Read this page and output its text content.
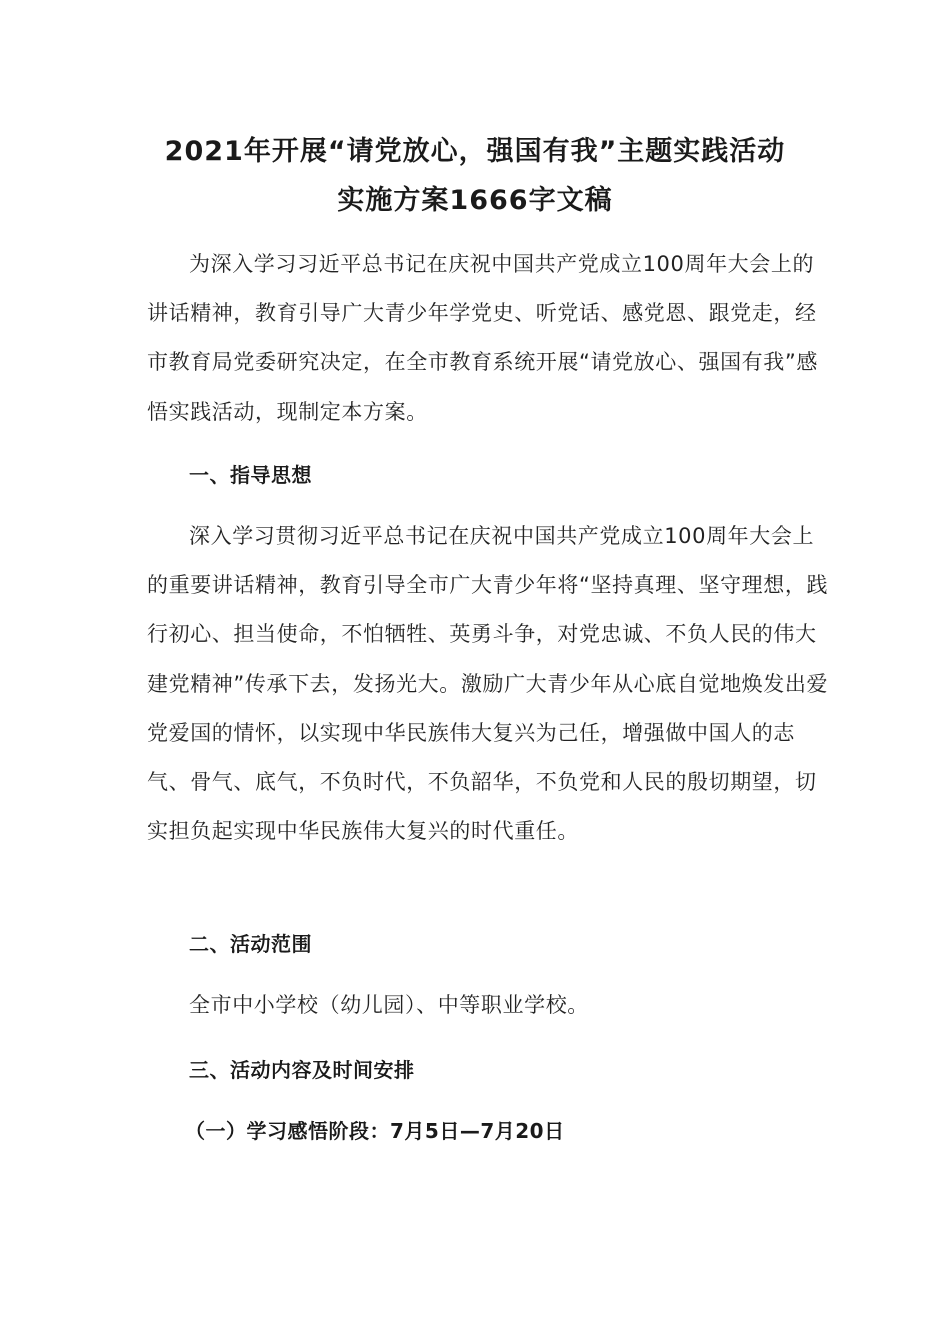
2021年开展“请党放心，强国有我”主题实践活动
实施方案1666字文稿

为深入学习习近平总书记在庆祝中国共产党成立100周年大会上的讲话精神，教育引导广大青少年学党史、听党话、感党恩、跟党走，经市教育局党委研究决定，在全市教育系统开展“请党放心、强国有我”感悟实践活动，现制定本方案。

一、指导思想

深入学习贯彻习近平总书记在庆祝中国共产党成立100周年大会上的重要讲话精神，教育引导全市广大青少年将“坚持真理、坚守理想，践行初心、担当使命，不怕牺牲、英勇斗争，对党忠诚、不负人民的伟大建党精神”传承下去，发扬光大。激励广大青少年从心底自觉地焕发出爱党爱国的情怀，以实现中华民族伟大复兴为己任，增强做中国人的志气、骨气、底气，不负时代，不负韶华，不负党和人民的殷切期望，切实担负起实现中华民族伟大复兴的时代重任。

二、活动范围

全市中小学校（幼儿园）、中等职业学校。

三、活动内容及时间安排
（一）学习感悟阶段：7月5日—7月20日
